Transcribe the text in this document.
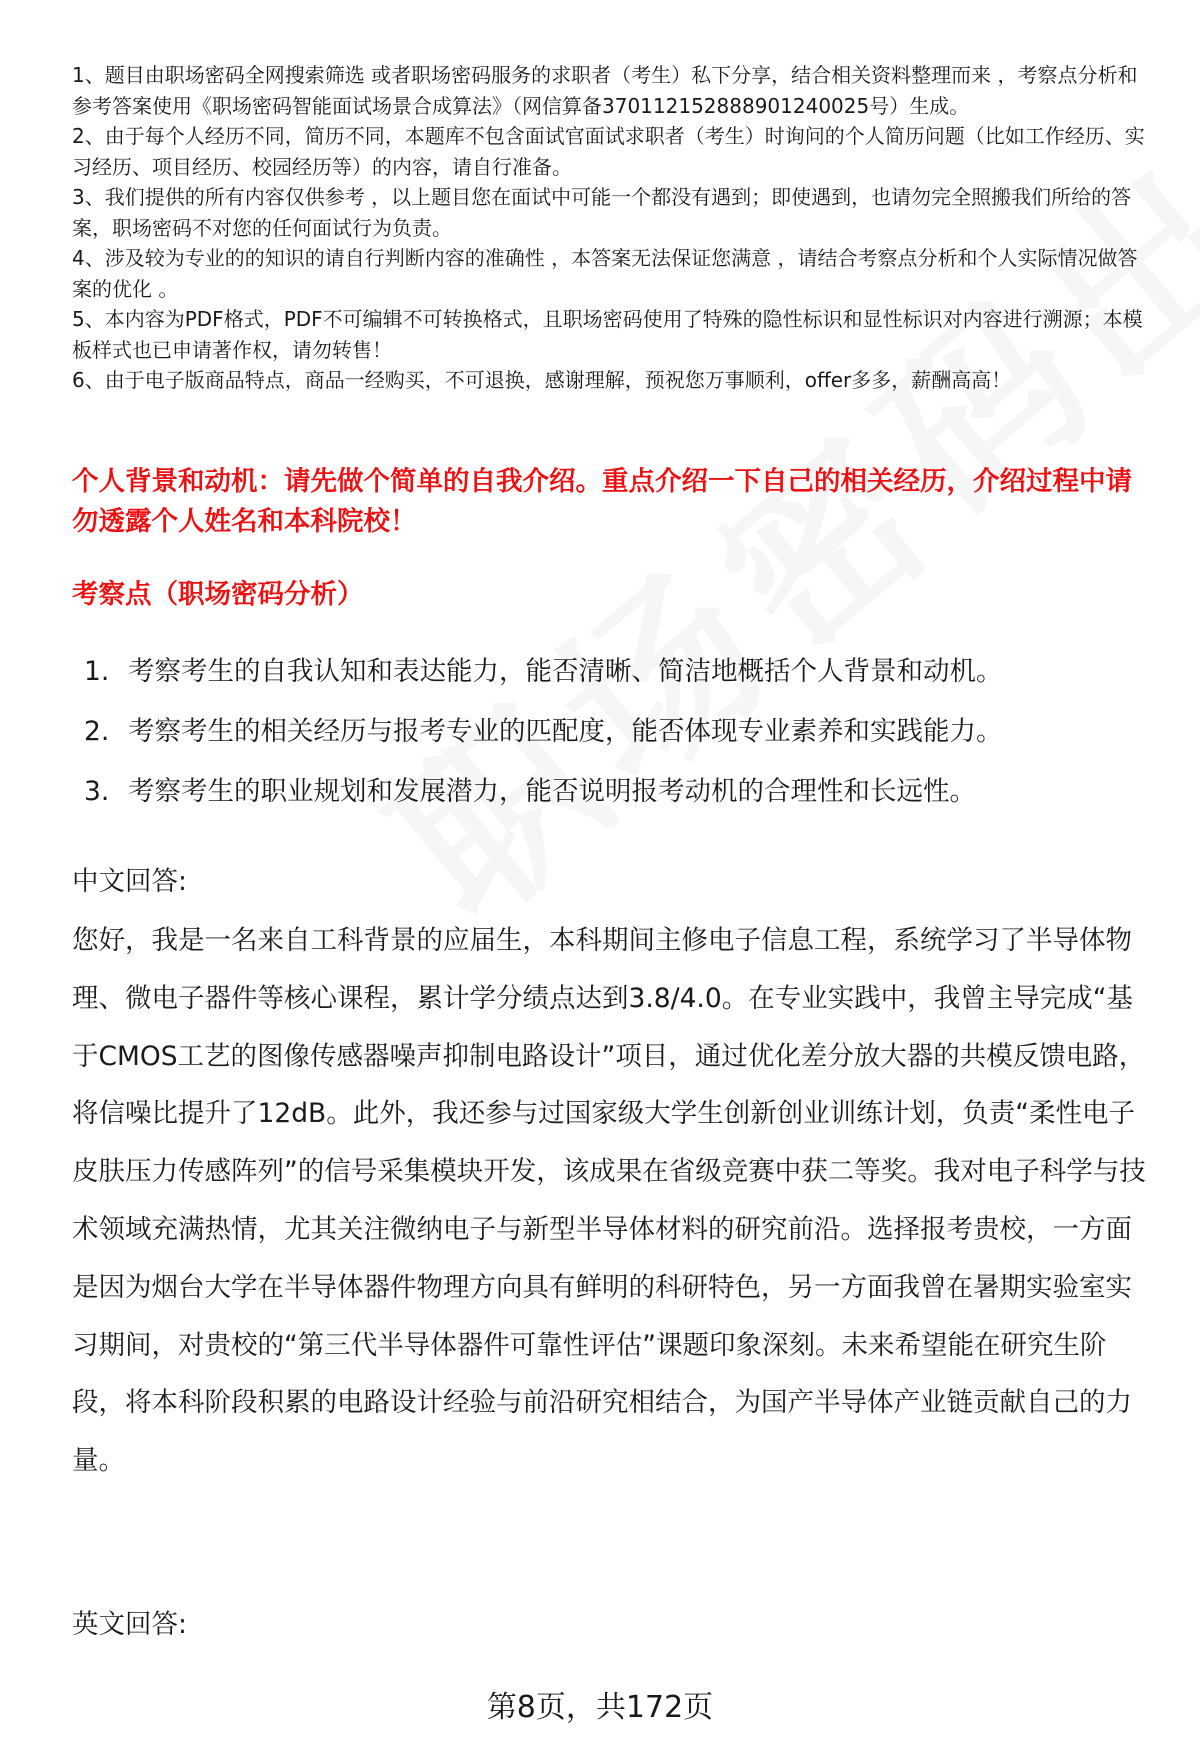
1、题目由职场密码全网搜索筛选 或者职场密码服务的求职者（考生）私下分享，结合相关资料整理而来 ，考察点分析和参考答案使用《职场密码智能面试场景合成算法》（网信算备370112152888901240025号）生成。

2、由于每个人经历不同，简历不同，本题库不包含面试官面试求职者（考生）时询问的个人简历问题（比如工作经历、实习经历、项目经历、校园经历等）的内容，请自行准备。

3、我们提供的所有内容仅供参考 ，以上题目您在面试中可能一个都没有遇到；即使遇到，也请勿完全照搬我们所给的答案，职场密码不对您的任何面试行为负责。

4、涉及较为专业的的知识的请自行判断内容的准确性 ，本答案无法保证您满意 ，请结合考察点分析和个人实际情况做答案的优化 。

5、本内容为PDF格式，PDF不可编辑不可转换格式，且职场密码使用了特殊的隐性标识和显性标识对内容进行溯源；本模板样式也已申请著作权，请勿转售！

6、由于电子版商品特点，商品一经购买，不可退换，感谢理解，预祝您万事顺利，offer多多，薪酬高高！

个人背景和动机：请先做个简单的自我介绍。重点介绍一下自己的相关经历，介绍过程中请勿透露个人姓名和本科院校！
考察点（职场密码分析）
1. 考察考生的自我认知和表达能力，能否清晰、简洁地概括个人背景和动机。
2. 考察考生的相关经历与报考专业的匹配度，能否体现专业素养和实践能力。
3. 考察考生的职业规划和发展潜力，能否说明报考动机的合理性和长远性。
中文回答:

您好，我是一名来自工科背景的应届生，本科期间主修电子信息工程，系统学习了半导体物理、微电子器件等核心课程，累计学分绩点达到3.8/4.0。在专业实践中，我曾主导完成“基于CMOS工艺的图像传感器噪声抑制电路设计”项目，通过优化差分放大器的共模反馈电路，将信噪比提升了12dB。此外，我还参与过国家级大学生创新创业训练计划，负责“柔性电子皮肤压力传感阵列”的信号采集模块开发，该成果在省级竞赛中获二等奖。我对电子科学与技术领域充满热情，尤其关注微纳电子与新型半导体材料的研究前沿。选择报考贵校，一方面是因为烟台大学在半导体器件物理方向具有鲜明的科研特色，另一方面我曾在暑期实验室实习期间，对贵校的“第三代半导体器件可靠性评估”课题印象深刻。未来希望能在研究生阶段，将本科阶段积累的电路设计经验与前沿研究相结合，为国产半导体产业链贡献自己的力量。

英文回答:
第8页，共172页
